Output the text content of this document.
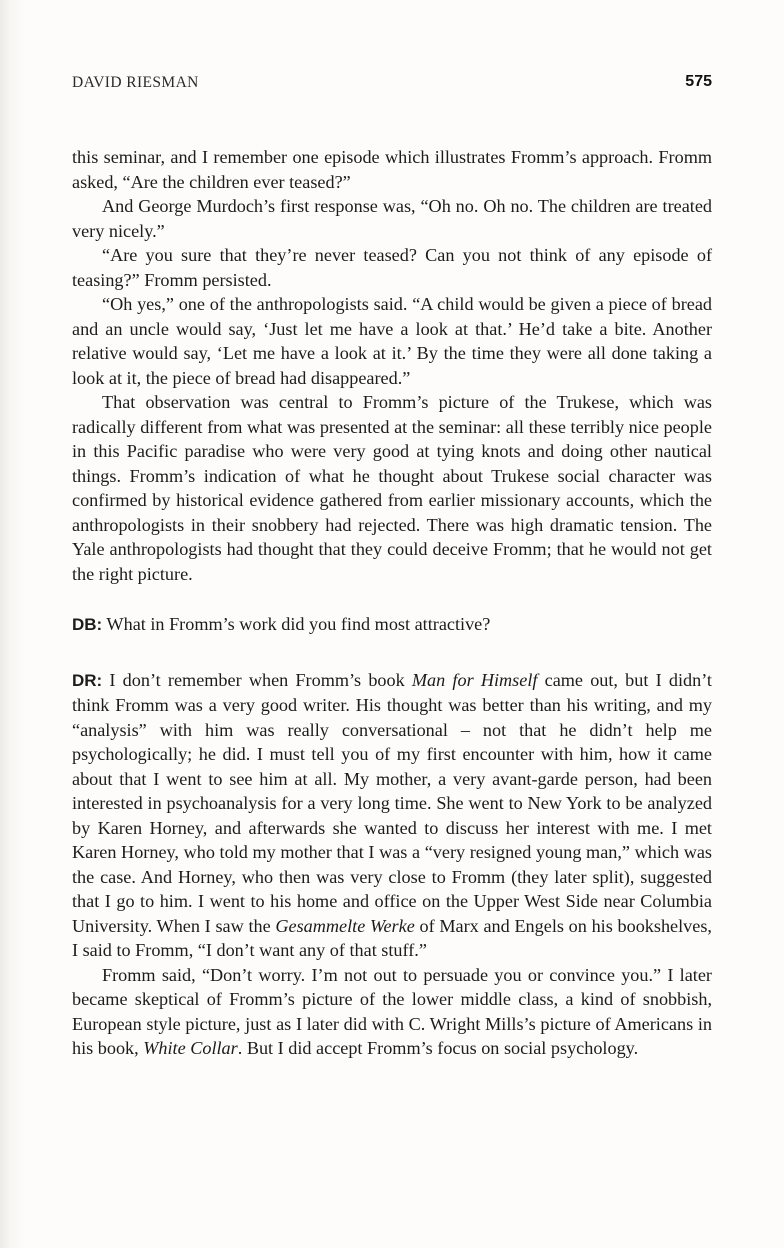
DAVID RIESMAN	575

this seminar, and I remember one episode which illustrates Fromm’s approach. Fromm asked, “Are the children ever teased?”

And George Murdoch’s first response was, “Oh no. Oh no. The children are treated very nicely.”

“Are you sure that they’re never teased? Can you not think of any episode of teasing?” Fromm persisted.

“Oh yes,” one of the anthropologists said. “A child would be given a piece of bread and an uncle would say, ‘Just let me have a look at that.’ He’d take a bite. Another relative would say, ‘Let me have a look at it.’ By the time they were all done taking a look at it, the piece of bread had disappeared.”

That observation was central to Fromm’s picture of the Trukese, which was radically different from what was presented at the seminar: all these terribly nice people in this Pacific paradise who were very good at tying knots and doing other nautical things. Fromm’s indication of what he thought about Trukese social character was confirmed by historical evidence gathered from earlier missionary accounts, which the anthropologists in their snobbery had rejected. There was high dramatic tension. The Yale anthropologists had thought that they could deceive Fromm; that he would not get the right picture.

DB: What in Fromm’s work did you find most attractive?

DR: I don’t remember when Fromm’s book Man for Himself came out, but I didn’t think Fromm was a very good writer. His thought was better than his writing, and my “analysis” with him was really conversational – not that he didn’t help me psychologically; he did. I must tell you of my first encounter with him, how it came about that I went to see him at all. My mother, a very avant-garde person, had been interested in psychoanalysis for a very long time. She went to New York to be analyzed by Karen Horney, and afterwards she wanted to discuss her interest with me. I met Karen Horney, who told my mother that I was a “very resigned young man,” which was the case. And Horney, who then was very close to Fromm (they later split), suggested that I go to him. I went to his home and office on the Upper West Side near Columbia University. When I saw the Gesammelte Werke of Marx and Engels on his bookshelves, I said to Fromm, “I don’t want any of that stuff.”

Fromm said, “Don’t worry. I’m not out to persuade you or convince you.” I later became skeptical of Fromm’s picture of the lower middle class, a kind of snobbish, European style picture, just as I later did with C. Wright Mills’s picture of Americans in his book, White Collar. But I did accept Fromm’s focus on social psychology.
